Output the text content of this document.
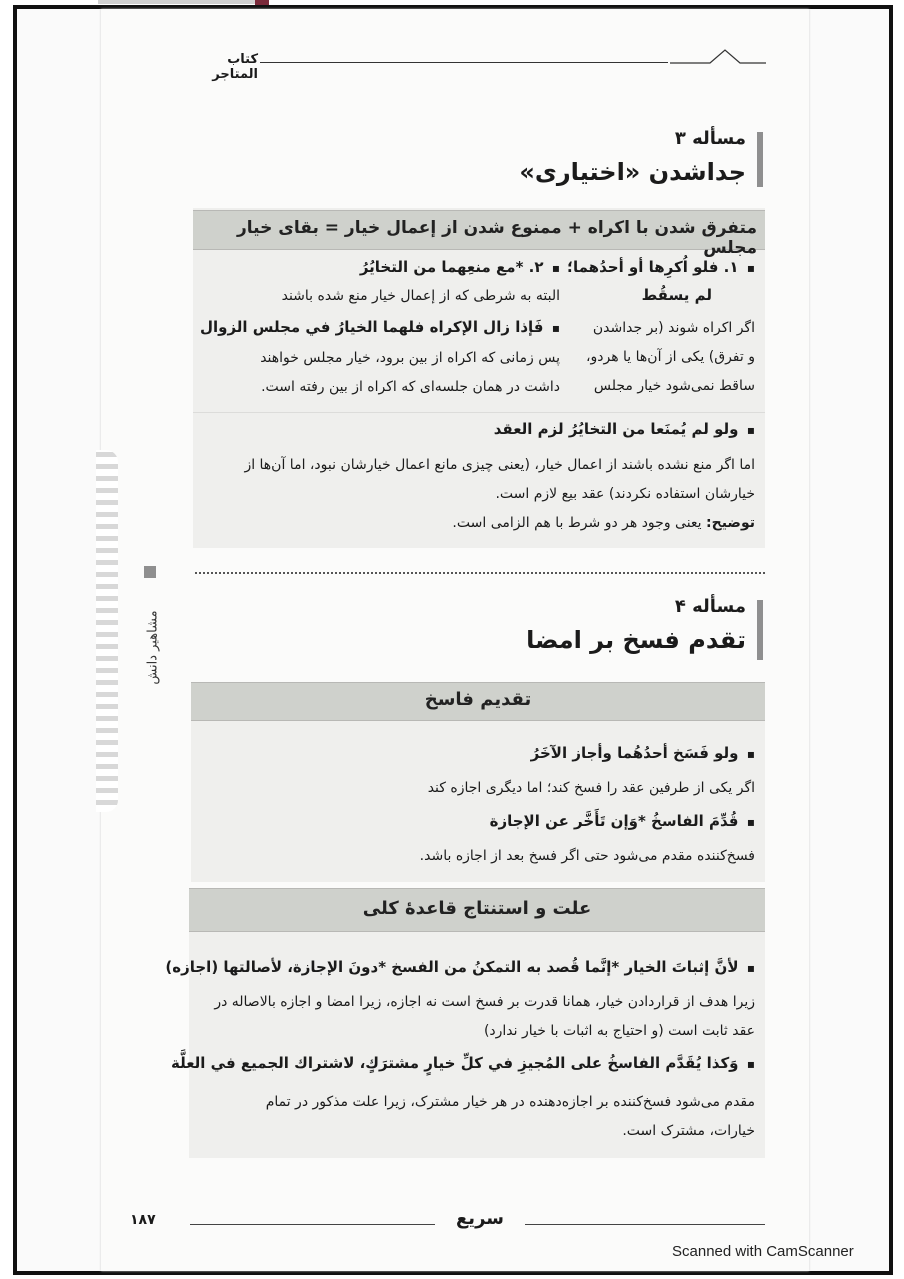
کتاب المتاجر
مسأله ۳
جداشدن «اختیاری»
متفرق شدن با اکراه + ممنوع شدن از إعمال خیار = بقای خیار مجلس
▪  ١. فلو اُكرِها أو أحدُهما؛
لم يسقُط
اگر اکراه شوند (بر جداشدن
و تفرق) یکی از آن‌ها یا هردو،
ساقط نمی‌شود خیار مجلس
▪  ٢. *مع منعِهما من التخايُرُ
البته به شرطی که از إعمال خیار منع شده باشند
▪  فَإذا زال الإكراه فلهما الخيارُ في مجلس الزوال
پس زمانی که اکراه از بین برود، خیار مجلس خواهند
داشت در همان جلسه‌ای که اکراه از بین رفته است.
▪  ولو لم يُمنَعا من التخايُرُ لزم العقد
اما اگر منع نشده باشند از اعمال خیار، (یعنی چیزی مانع اعمال خیارشان نبود، اما آن‌ها از
خیارشان استفاده نکردند) عقد بیع لازم است.
توضیح: یعنی وجود هر دو شرط با هم الزامی است.
مسأله ۴
تقدم فسخ بر امضا
تقدیم فاسخ
▪  ولو فَسَخ أحدُهُما وأجاز الآخَرُ
اگر یکی از طرفین عقد را فسخ کند؛ اما دیگری اجازه کند
▪  قُدِّمَ الفاسخُ *وَإن تَأَخَّر عن الإجازة
فسخ‌کننده مقدم می‌شود حتی اگر فسخ بعد از اجازه باشد.
علت و استنتاج قاعدهٔ کلی
▪  لأنَّ إثباتَ الخيار *إنَّما قُصد به التمكنُ من الفسخ *دونَ الإجازة، لأصالتها (اجازه)
زیرا هدف از قراردادن خیار، همانا قدرت بر فسخ است نه اجازه، زیرا امضا و اجازه بالاصاله در
عقد ثابت است (و احتیاج به اثبات با خیار ندارد)
▪  وَكذا يُقَدَّم الفاسخُ على المُجيزِ في كلِّ خيارٍ مشترَكٍ، لاشتراك الجميع في العلَّة
مقدم می‌شود فسخ‌کننده بر اجازه‌دهنده در هر خیار مشترک، زیرا علت مذکور در تمام
خیارات، مشترک است.
مشاهیر دانش
۱۸۷	سریع
Scanned with CamScanner
